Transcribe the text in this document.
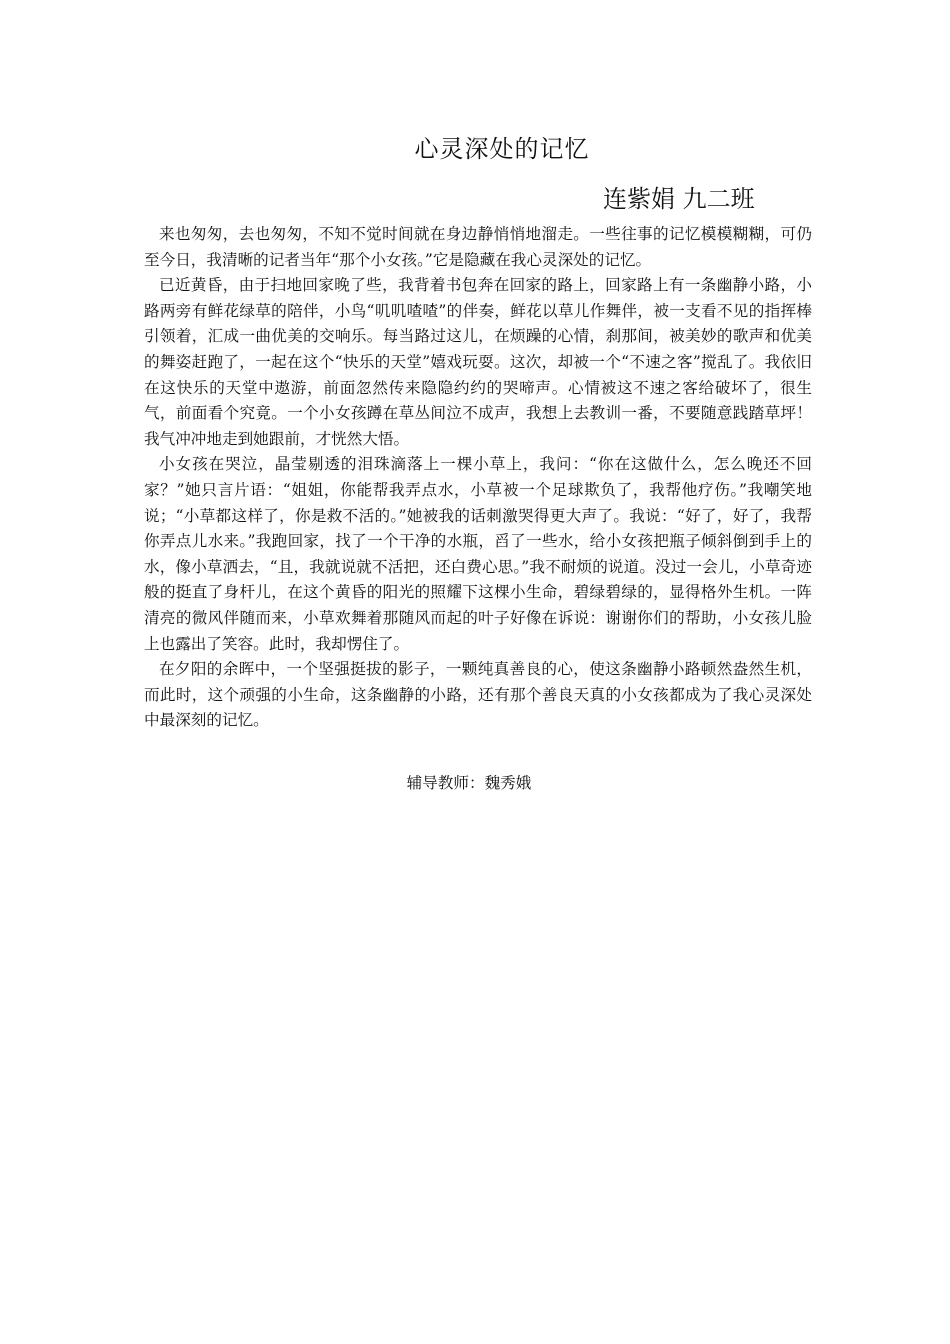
心灵深处的记忆
连紫娟 九二班

来也匆匆，去也匆匆，不知不觉时间就在身边静悄悄地溜走。一些往事的记忆模模糊糊，可仍至今日，我清晰的记者当年“那个小女孩。”它是隐藏在我心灵深处的记忆。

已近黄昏，由于扫地回家晚了些，我背着书包奔在回家的路上，回家路上有一条幽静小路，小路两旁有鲜花绿草的陪伴，小鸟“叽叽喳喳”的伴奏，鲜花以草儿作舞伴，被一支看不见的指挥棒引领着，汇成一曲优美的交响乐。每当路过这儿，在烦躁的心情，刹那间，被美妙的歌声和优美的舞姿赶跑了，一起在这个“快乐的天堂”嬉戏玩耍。这次，却被一个“不速之客”搅乱了。我依旧在这快乐的天堂中遨游，前面忽然传来隐隐约约的哭啼声。心情被这不速之客给破坏了，很生气，前面看个究竟。一个小女孩蹲在草丛间泣不成声，我想上去教训一番，不要随意践踏草坪！我气冲冲地走到她跟前，才恍然大悟。

小女孩在哭泣，晶莹剔透的泪珠滴落上一棵小草上，我问：“你在这做什么，怎么晚还不回家？”她只言片语：“姐姐，你能帮我弄点水，小草被一个足球欺负了，我帮他疗伤。”我嘲笑地说；“小草都这样了，你是救不活的。”她被我的话刺激哭得更大声了。我说：“好了，好了，我帮你弄点儿水来。”我跑回家，找了一个干净的水瓶，舀了一些水，给小女孩把瓶子倾斜倒到手上的水，像小草洒去，“且，我就说就不活把，还白费心思。”我不耐烦的说道。没过一会儿，小草奇迹般的挺直了身杆儿，在这个黄昏的阳光的照耀下这棵小生命，碧绿碧绿的，显得格外生机。一阵清亮的微风伴随而来，小草欢舞着那随风而起的叶子好像在诉说：谢谢你们的帮助，小女孩儿脸上也露出了笑容。此时，我却愣住了。

在夕阳的余晖中，一个坚强挺拔的影子，一颗纯真善良的心，使这条幽静小路顿然盎然生机，而此时，这个顽强的小生命，这条幽静的小路，还有那个善良天真的小女孩都成为了我心灵深处中最深刻的记忆。

辅导教师：魏秀娥
